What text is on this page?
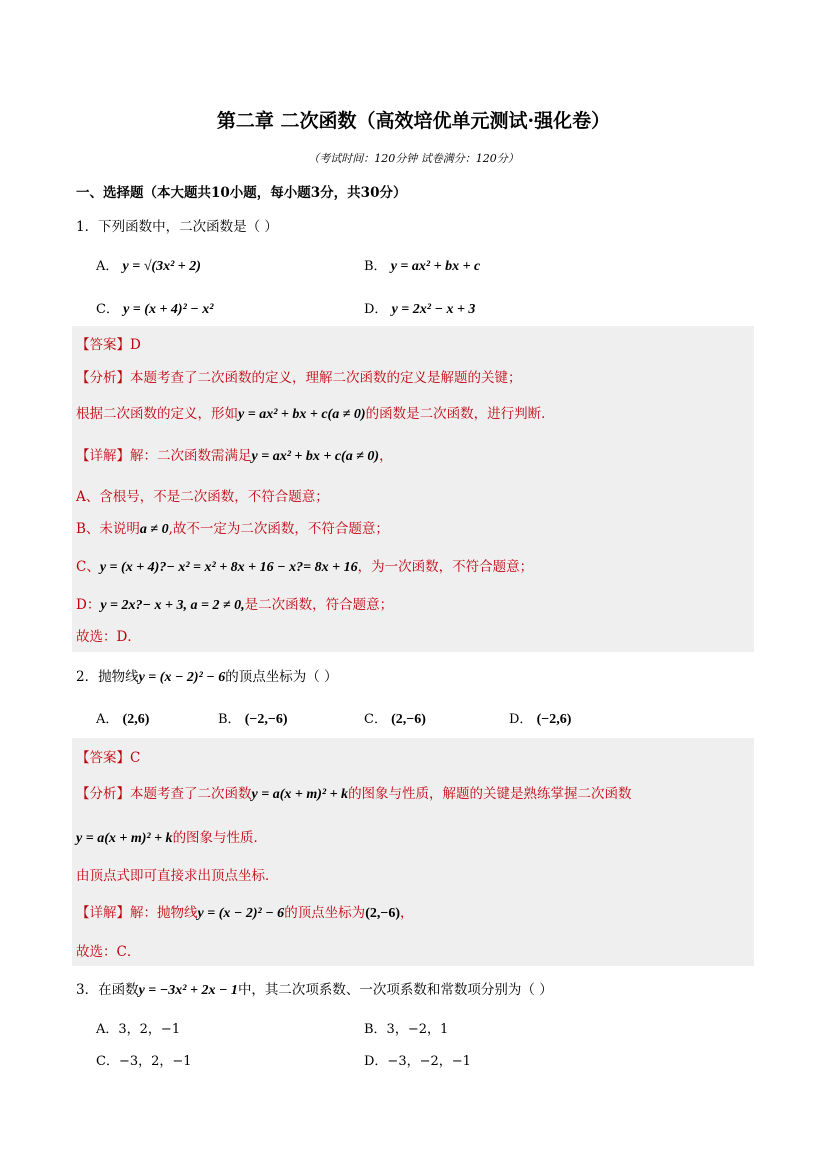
第二章 二次函数（高效培优单元测试·强化卷）
（考试时间：120分钟 试卷满分：120分）
一、选择题（本大题共10小题，每小题3分，共30分）
1．下列函数中，二次函数是（ ）
A． y = √(3x² + 2)	B． y = ax² + bx + c
C． y = (x + 4)² − x²	D． y = 2x² − x + 3
【答案】D
【分析】本题考查了二次函数的定义，理解二次函数的定义是解题的关键；
根据二次函数的定义，形如y = ax² + bx + c(a ≠ 0)的函数是二次函数，进行判断．
【详解】解：二次函数需满足y = ax² + bx + c(a ≠ 0)，
A、含根号，不是二次函数，不符合题意；
B、未说明a ≠ 0,故不一定为二次函数，不符合题意；
C、y = (x + 4)?− x² = x² + 8x + 16 − x?= 8x + 16，为一次函数，不符合题意；
D：y = 2x?− x + 3, a = 2 ≠ 0,是二次函数，符合题意；
故选：D．
2．抛物线y = (x − 2)² − 6的顶点坐标为（ ）
A． (2,6)	B． (−2,−6)	C． (2,−6)	D． (−2,6)
【答案】C
【分析】本题考查了二次函数y = a(x + m)² + k的图象与性质，解题的关键是熟练掌握二次函数
y = a(x + m)² + k的图象与性质．
由顶点式即可直接求出顶点坐标．
【详解】解：抛物线y = (x − 2)² − 6的顶点坐标为(2,−6)，
故选：C．
3．在函数y = −3x² + 2x − 1中，其二次项系数、一次项系数和常数项分别为（ ）
A．3，2，−1	B．3，−2，1
C．−3，2，−1	D．−3，−2，−1
